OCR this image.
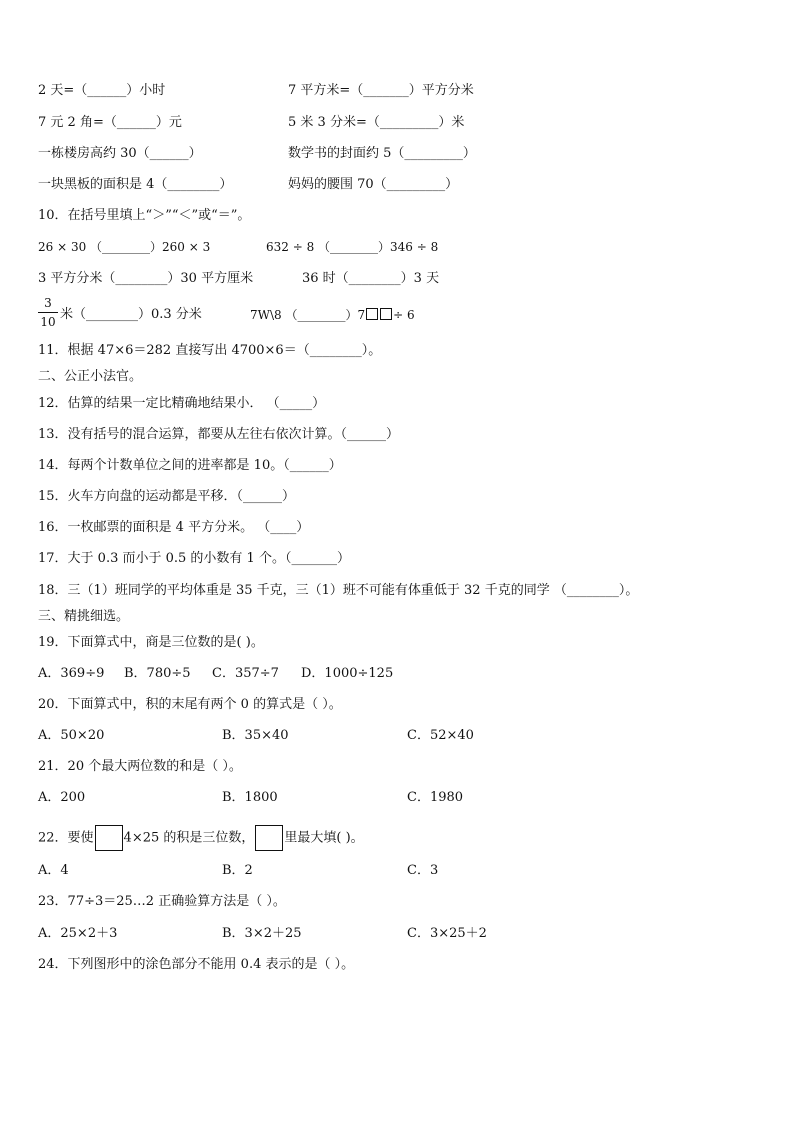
2 天=（______）小时	7 平方米=（_______）平方分米
7 元 2 角=（______）元	5 米 3 分米=（_________）米
一栋楼房高约 30（______）	数学书的封面约 5（_________）
一块黑板的面积是 4（________）	妈妈的腰围 70（_________）
10．在括号里填上“＞”“＜”或“＝”。
26 × 30 （________）260 × 3	632 ÷ 8 （________）346 ÷ 8
3 平方分米（________）30 平方厘米	36 时（________）3 天
3
10 米（________）0.3 分米	7W\8 （________）7 ÷ 6
11．根据 47×6＝282 直接写出 4700×6＝（________）。
二、公正小法官。
12．估算的结果一定比精确地结果小． （_____）
13．没有括号的混合运算，都要从左往右依次计算。（______）
14．每两个计数单位之间的进率都是 10。（______）
15．火车方向盘的运动都是平移．（______）
16．一枚邮票的面积是 4 平方分米。 （____）
17．大于 0.3 而小于 0.5 的小数有 1 个。（_______）
18．三（1）班同学的平均体重是 35 千克，三（1）班不可能有体重低于 32 千克的同学 （________）。
三、精挑细选。
19．下面算式中，商是三位数的是( )。
A．369÷9 B．780÷5 C．357÷7 D．1000÷125
20．下面算式中，积的末尾有两个 0 的算式是（ ）。
A．50×20	B．35×40	C．52×40
21．20 个最大两位数的和是（ ）。
A．200	B．1800	C．1980
22．要使 4×25 的积是三位数， 里最大填( )。
A．4	B．2	C．3
23．77÷3＝25…2 正确验算方法是（ ）。
A．25×2＋3	B．3×2＋25	C．3×25＋2
24．下列图形中的涂色部分不能用 0.4 表示的是（ ）。
